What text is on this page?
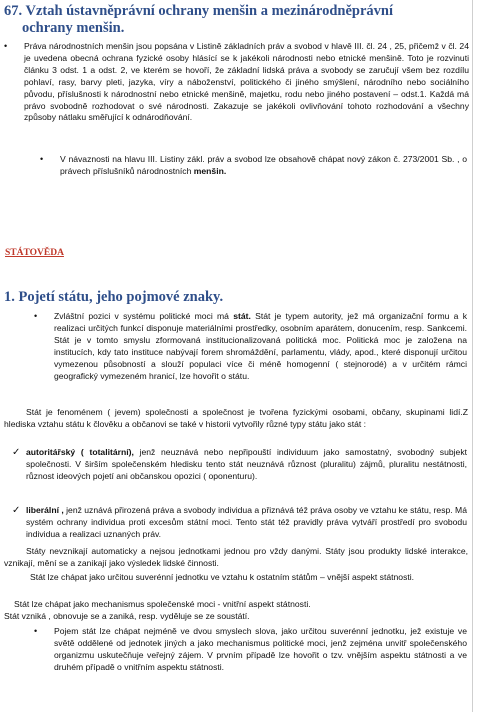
67. Vztah ústavněprávní ochrany menšin a mezinárodněprávní
ochrany menšin.

• Práva národnostních menšin jsou popsána v Listině základních práv a svobod v hlavě III. čl. 24 , 25, přičemž v čl. 24 je uvedena obecná ochrana fyzické osoby hlásící se k jakékoli národnosti nebo etnické menšině. Toto je rozvinuti článku 3 odst. 1 a odst. 2, ve kterém se hovoří, že základní lidská práva a svobody se zaručují všem bez rozdílu pohlaví, rasy, barvy pleti, jazyka, víry a náboženství, politického či jiného smýšlení, národního nebo sociálního původu, příslušnosti k národnostní nebo etnické menšině, majetku, rodu nebo jiného postavení – odst.1. Každá má právo svobodně rozhodovat o své národnosti. Zakazuje se jakékoli ovlivňování tohoto rozhodování a všechny způsoby nátlaku směřující k odnárodňování.

• V návaznosti na hlavu III. Listiny zákl. práv a svobod lze obsahově chápat nový zákon č. 273/2001 Sb. , o právech příslušníků národnostních menšin.

STÁTOVĚDA
1. Pojetí státu, jeho pojmové znaky.

• Zvláštní pozici v systému politické moci má stát. Stát je typem autority, jež má organizační formu a k realizaci určitých funkcí disponuje materiálními prostředky, osobním aparátem, donucením, resp. Sankcemi. Stát je v tomto smyslu zformovaná institucionalizovaná politická moc. Politická moc je založena na institucích, kdy tato instituce nabývají forem shromáždění, parlamentu, vlády, apod., které disponují určitou vymezenou působností a slouží populaci více či méně homogenní ( stejnorodé) a v určitém rámci geografický vymezeném hranicí, lze hovořit o státu.

Stát je fenoménem ( jevem) společnosti a společnost je tvořena fyzickými osobami, občany, skupinami lidí.Z hlediska vztahu státu k člověku a občanovi se také v historii vytvořily různé typy státu jako stát :

✓ autoritářský ( totalitární), jenž neuznává nebo nepřipouští individuum jako samostatný, svobodný subjekt společnosti. V širším společenském hledisku tento stát neuznává různost (pluralitu) zájmů, pluralitu nestátnosti, různost ideových pojetí ani občanskou opozici ( oponenturu).

✓ liberální , jenž uznává přirozená práva a svobody individua a přiznává též práva osoby ve vztahu ke státu, resp. Má systém ochrany individua proti excesům státní moci. Tento stát též pravidly práva vytváří prostředí pro svobodu individua a realizaci uznaných práv.

Státy nevznikají automaticky a nejsou jednotkami jednou pro vždy danými. Státy jsou produkty lidské interakce, vznikají, mění se a zanikají jako výsledek lidské činnosti.

Stát lze chápat jako určitou suverénní jednotku ve vztahu k ostatním státům – vnější aspekt státnosti.

Stát lze chápat jako mechanismus společenské moci - vnitřní aspekt státnosti.

Stát vzniká , obnovuje se a zaniká, resp. vyděluje se ze soustátí.

• Pojem stát lze chápat nejméně ve dvou smyslech slova, jako určitou suverénní jednotku, jež existuje ve světě oddělené od jednotek jiných a jako mechanismus politické moci, jenž zejména unvitř společenského organizmu uskutečňuje veřejný zájem. V prvním případě lze hovořit o tzv. vnějším aspektu státnosti a ve druhém případě o vnitřním aspektu státnosti.
